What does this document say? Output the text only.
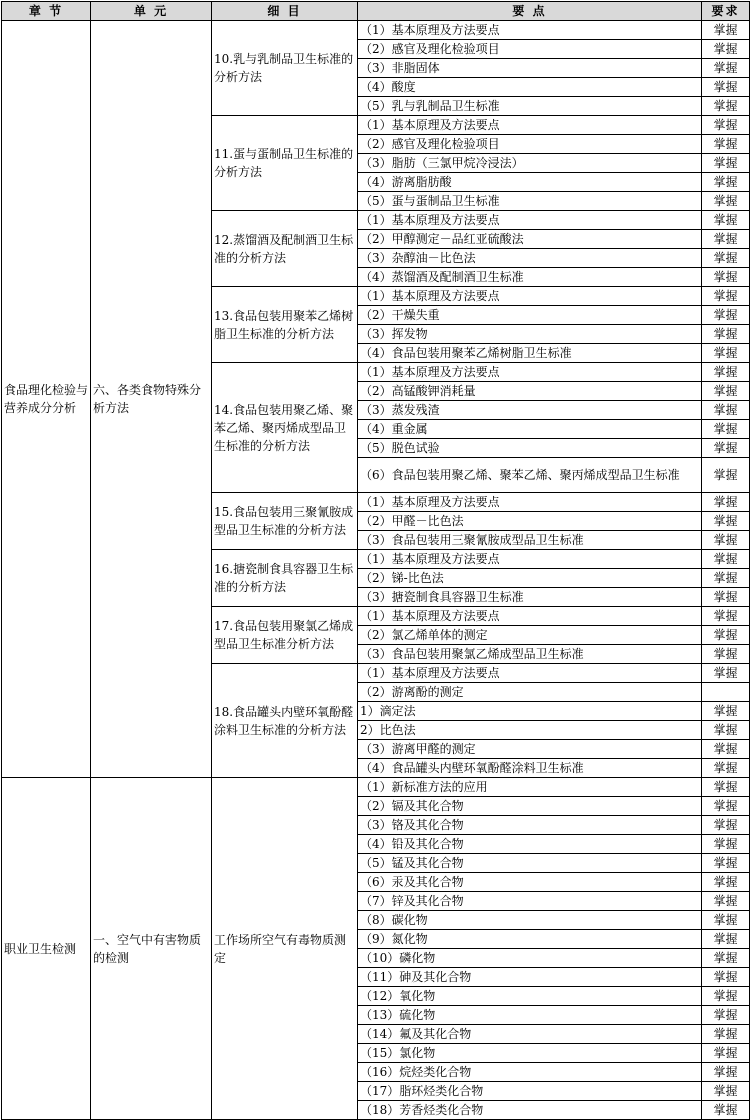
章 节	单 元	细 目	要 点	要求
食品理化检验与营养成分分析	六、各类食物特殊分析方法	10.乳与乳制品卫生标准的分析方法	（1）基本原理及方法要点	掌握
			（2）感官及理化检验项目	掌握
			（3）非脂固体	掌握
			（4）酸度	掌握
			（5）乳与乳制品卫生标准	掌握
		11.蛋与蛋制品卫生标准的分析方法	（1）基本原理及方法要点	掌握
			（2）感官及理化检验项目	掌握
			（3）脂肪（三氯甲烷冷浸法）	掌握
			（4）游离脂肪酸	掌握
			（5）蛋与蛋制品卫生标准	掌握
		12.蒸馏酒及配制酒卫生标准的分析方法	（1）基本原理及方法要点	掌握
			（2）甲醇测定－品红亚硫酸法	掌握
			（3）杂醇油－比色法	掌握
			（4）蒸馏酒及配制酒卫生标准	掌握
		13.食品包装用聚苯乙烯树脂卫生标准的分析方法	（1）基本原理及方法要点	掌握
			（2）干燥失重	掌握
			（3）挥发物	掌握
			（4）食品包装用聚苯乙烯树脂卫生标准	掌握
		14.食品包装用聚乙烯、聚苯乙烯、聚丙烯成型品卫生标准的分析方法	（1）基本原理及方法要点	掌握
			（2）高锰酸钾消耗量	掌握
			（3）蒸发残渣	掌握
			（4）重金属	掌握
			（5）脱色试验	掌握
			（6）食品包装用聚乙烯、聚苯乙烯、聚丙烯成型品卫生标准	掌握
		15.食品包装用三聚氰胺成型品卫生标准的分析方法	（1）基本原理及方法要点	掌握
			（2）甲醛－比色法	掌握
			（3）食品包装用三聚氰胺成型品卫生标准	掌握
		16.搪瓷制食具容器卫生标准的分析方法	（1）基本原理及方法要点	掌握
			（2）锑-比色法	掌握
			（3）搪瓷制食具容器卫生标准	掌握
		17.食品包装用聚氯乙烯成型品卫生标准分析方法	（1）基本原理及方法要点	掌握
			（2）氯乙烯单体的测定	掌握
			（3）食品包装用聚氯乙烯成型品卫生标准	掌握
		18.食品罐头内壁环氧酚醛涂料卫生标准的分析方法	（1）基本原理及方法要点	掌握
			（2）游离酚的测定	
			1）滴定法	掌握
			2）比色法	掌握
			（3）游离甲醛的测定	掌握
			（4）食品罐头内壁环氧酚醛涂料卫生标准	掌握
职业卫生检测	一、空气中有害物质的检测	工作场所空气有毒物质测定	（1）新标准方法的应用	掌握
			（2）镉及其化合物	掌握
			（3）铬及其化合物	掌握
			（4）铅及其化合物	掌握
			（5）锰及其化合物	掌握
			（6）汞及其化合物	掌握
			（7）锌及其化合物	掌握
			（8）碳化物	掌握
			（9）氮化物	掌握
			（10）磷化物	掌握
			（11）砷及其化合物	掌握
			（12）氧化物	掌握
			（13）硫化物	掌握
			（14）氟及其化合物	掌握
			（15）氯化物	掌握
			（16）烷烃类化合物	掌握
			（17）脂环烃类化合物	掌握
			（18）芳香烃类化合物	掌握
